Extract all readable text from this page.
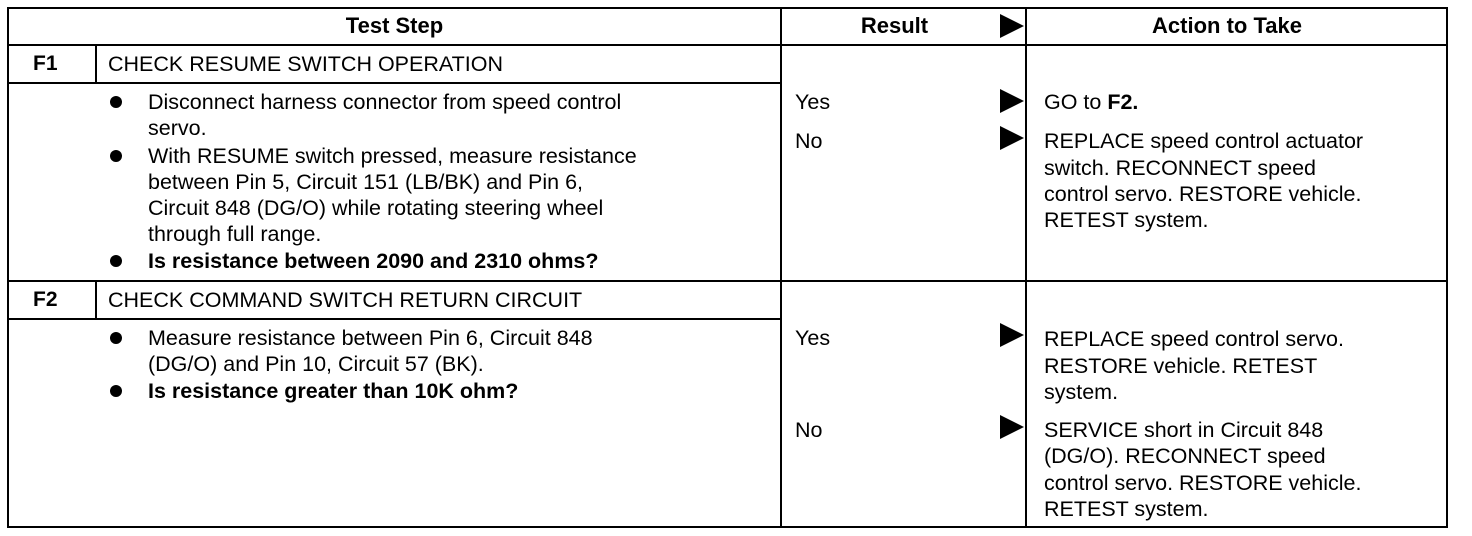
Test Step	Result	Action to Take
F1 CHECK RESUME SWITCH OPERATION
Disconnect harness connector from speed control
servo.
With RESUME switch pressed, measure resistance
between Pin 5, Circuit 151 (LB/BK) and Pin 6,
Circuit 848 (DG/O) while rotating steering wheel
through full range.
Is resistance between 2090 and 2310 ohms?
Yes	GO to F2.
No	REPLACE speed control actuator
switch. RECONNECT speed
control servo. RESTORE vehicle.
RETEST system.
F2 CHECK COMMAND SWITCH RETURN CIRCUIT
Measure resistance between Pin 6, Circuit 848
(DG/O) and Pin 10, Circuit 57 (BK).
Is resistance greater than 10K ohm?
Yes	REPLACE speed control servo.
RESTORE vehicle. RETEST
system.
No	SERVICE short in Circuit 848
(DG/O). RECONNECT speed
control servo. RESTORE vehicle.
RETEST system.
